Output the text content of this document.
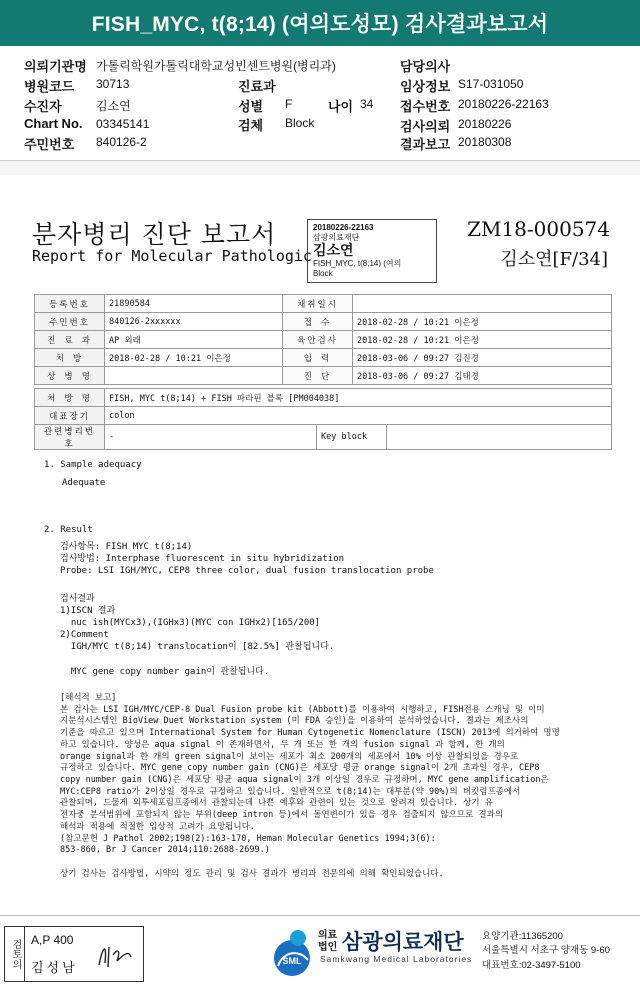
FISH_MYC, t(8;14) (여의도성모) 검사결과보고서
의뢰기관명 가톨릭학원가톨릭대학교성빈센트병원(병리과)
병원코드 30713	진료과
수진자	김소연	성별 F	나이 34
Chart No. 03345141	검체 Block
주민번호 840126-2
담당의사
임상정보 S17-031050
접수번호 20180226-22163
검사의뢰 20180226
결과보고 20180308
분자병리 진단 보고서
Report for Molecular Pathologic
20180226-22163
삼광의료재단
김소연
FISH_MYC, t(8;14) (여의
Block
ZM18-000574
김소연[F/34]
등록번호	21890584	채취일시	
주민번호	840126-2xxxxxx	접 수	2018-02-28 / 10:21 이은정
진 료 과	AP 외래	육안검사	2018-02-28 / 10:21 이은정
처 방	2018-02-28 / 10:21 이은정	입 력	2018-03-06 / 09:27 김진경
상 병 명		진 단	2018-03-06 / 09:27 김태경
처 방 명	FISH, MYC t(8;14) + FISH 파라핀 블록 [PM004038]		
대표장기	colon		
관련병리번호	-	Key block	
1. Sample adequacy
Adequate
2. Result
검사항목: FISH MYC t(8;14)
검사방법: Interphase fluorescent in situ hybridization
Probe: LSI IGH/MYC, CEP8 three color, dual fusion translocation probe
검사결과
1)ISCN 결과
nuc ish(MYCx3),(IGHx3)(MYC con IGHx2)[165/200]
2)Comment
IGH/MYC t(8;14) translocation이 [82.5%] 관찰됩니다.

MYC gene copy number gain이 관찰됩니다.
[해석적 보고]
본 검사는 LSI IGH/MYC/CEP-8 Dual Fusion probe kit (Abbott)를 이용하여 시행하고, FISH전용 스캐닝 및 이미
지분석시스템인 BioView Duet Workstation system (미 FDA 승인)을 이용하여 분석하였습니다. 결과는 제조사의
기준을 따르고 있으며 International System for Human Cytogenetic Nomenclature (ISCN) 2013에 의거하여 명명
하고 있습니다. 양성은 aqua signal 이 존재하면서, 두 개 또는 한 개의 fusion signal 과 함께, 한 개의
orange signal과 한 개의 green signal이 보이는 세포가 최소 200개의 세포에서 10% 이상 관찰되었을 경우로
규정하고 있습니다. MYC gene copy number gain (CNG)은 세포당 평균 orange signal이 2개 초과일 경우, CEP8
copy number gain (CNG)은 세포당 평균 aqua signal이 3개 이상일 경우로 규정하며, MYC gene amplification은
MYC:CEP8 ratio가 2이상일 경우로 규정하고 있습니다. 일반적으로 t(8;14)는 대부분(약 90%)의 버킷림프종에서
관찰되며, 드물게 외투세포림프종에서 관찰되는데 나쁜 예후와 관련이 있는 것으로 알려져 있습니다. 상기 유
전자중 분석범위에 포함되지 않는 부위(deep intron 등)에서 돌연변이가 있을 경우 검출되지 않으므로 결과의
해석과 적용에 적절한 임상적 고려가 요망됩니다.
(참고문헌 J Pathol 2002;198(2):163-170, Heman Molecular Genetics 1994;3(6):
853-860, Br J Cancer 2014;110:2688-2699.)

상기 검사는 검사방법, 시약의 정도 관리 및 검사 결과가 병리과 전문의에 의해 확인되었습니다.
검토의 A,P 400
김성남	SML
의료
법인 삼광의료재단
Samkwang Medical Laboratories
요양기관:11365200
서울특별시 서초구 양재동 9-60
대표번호:02-3497-5100
